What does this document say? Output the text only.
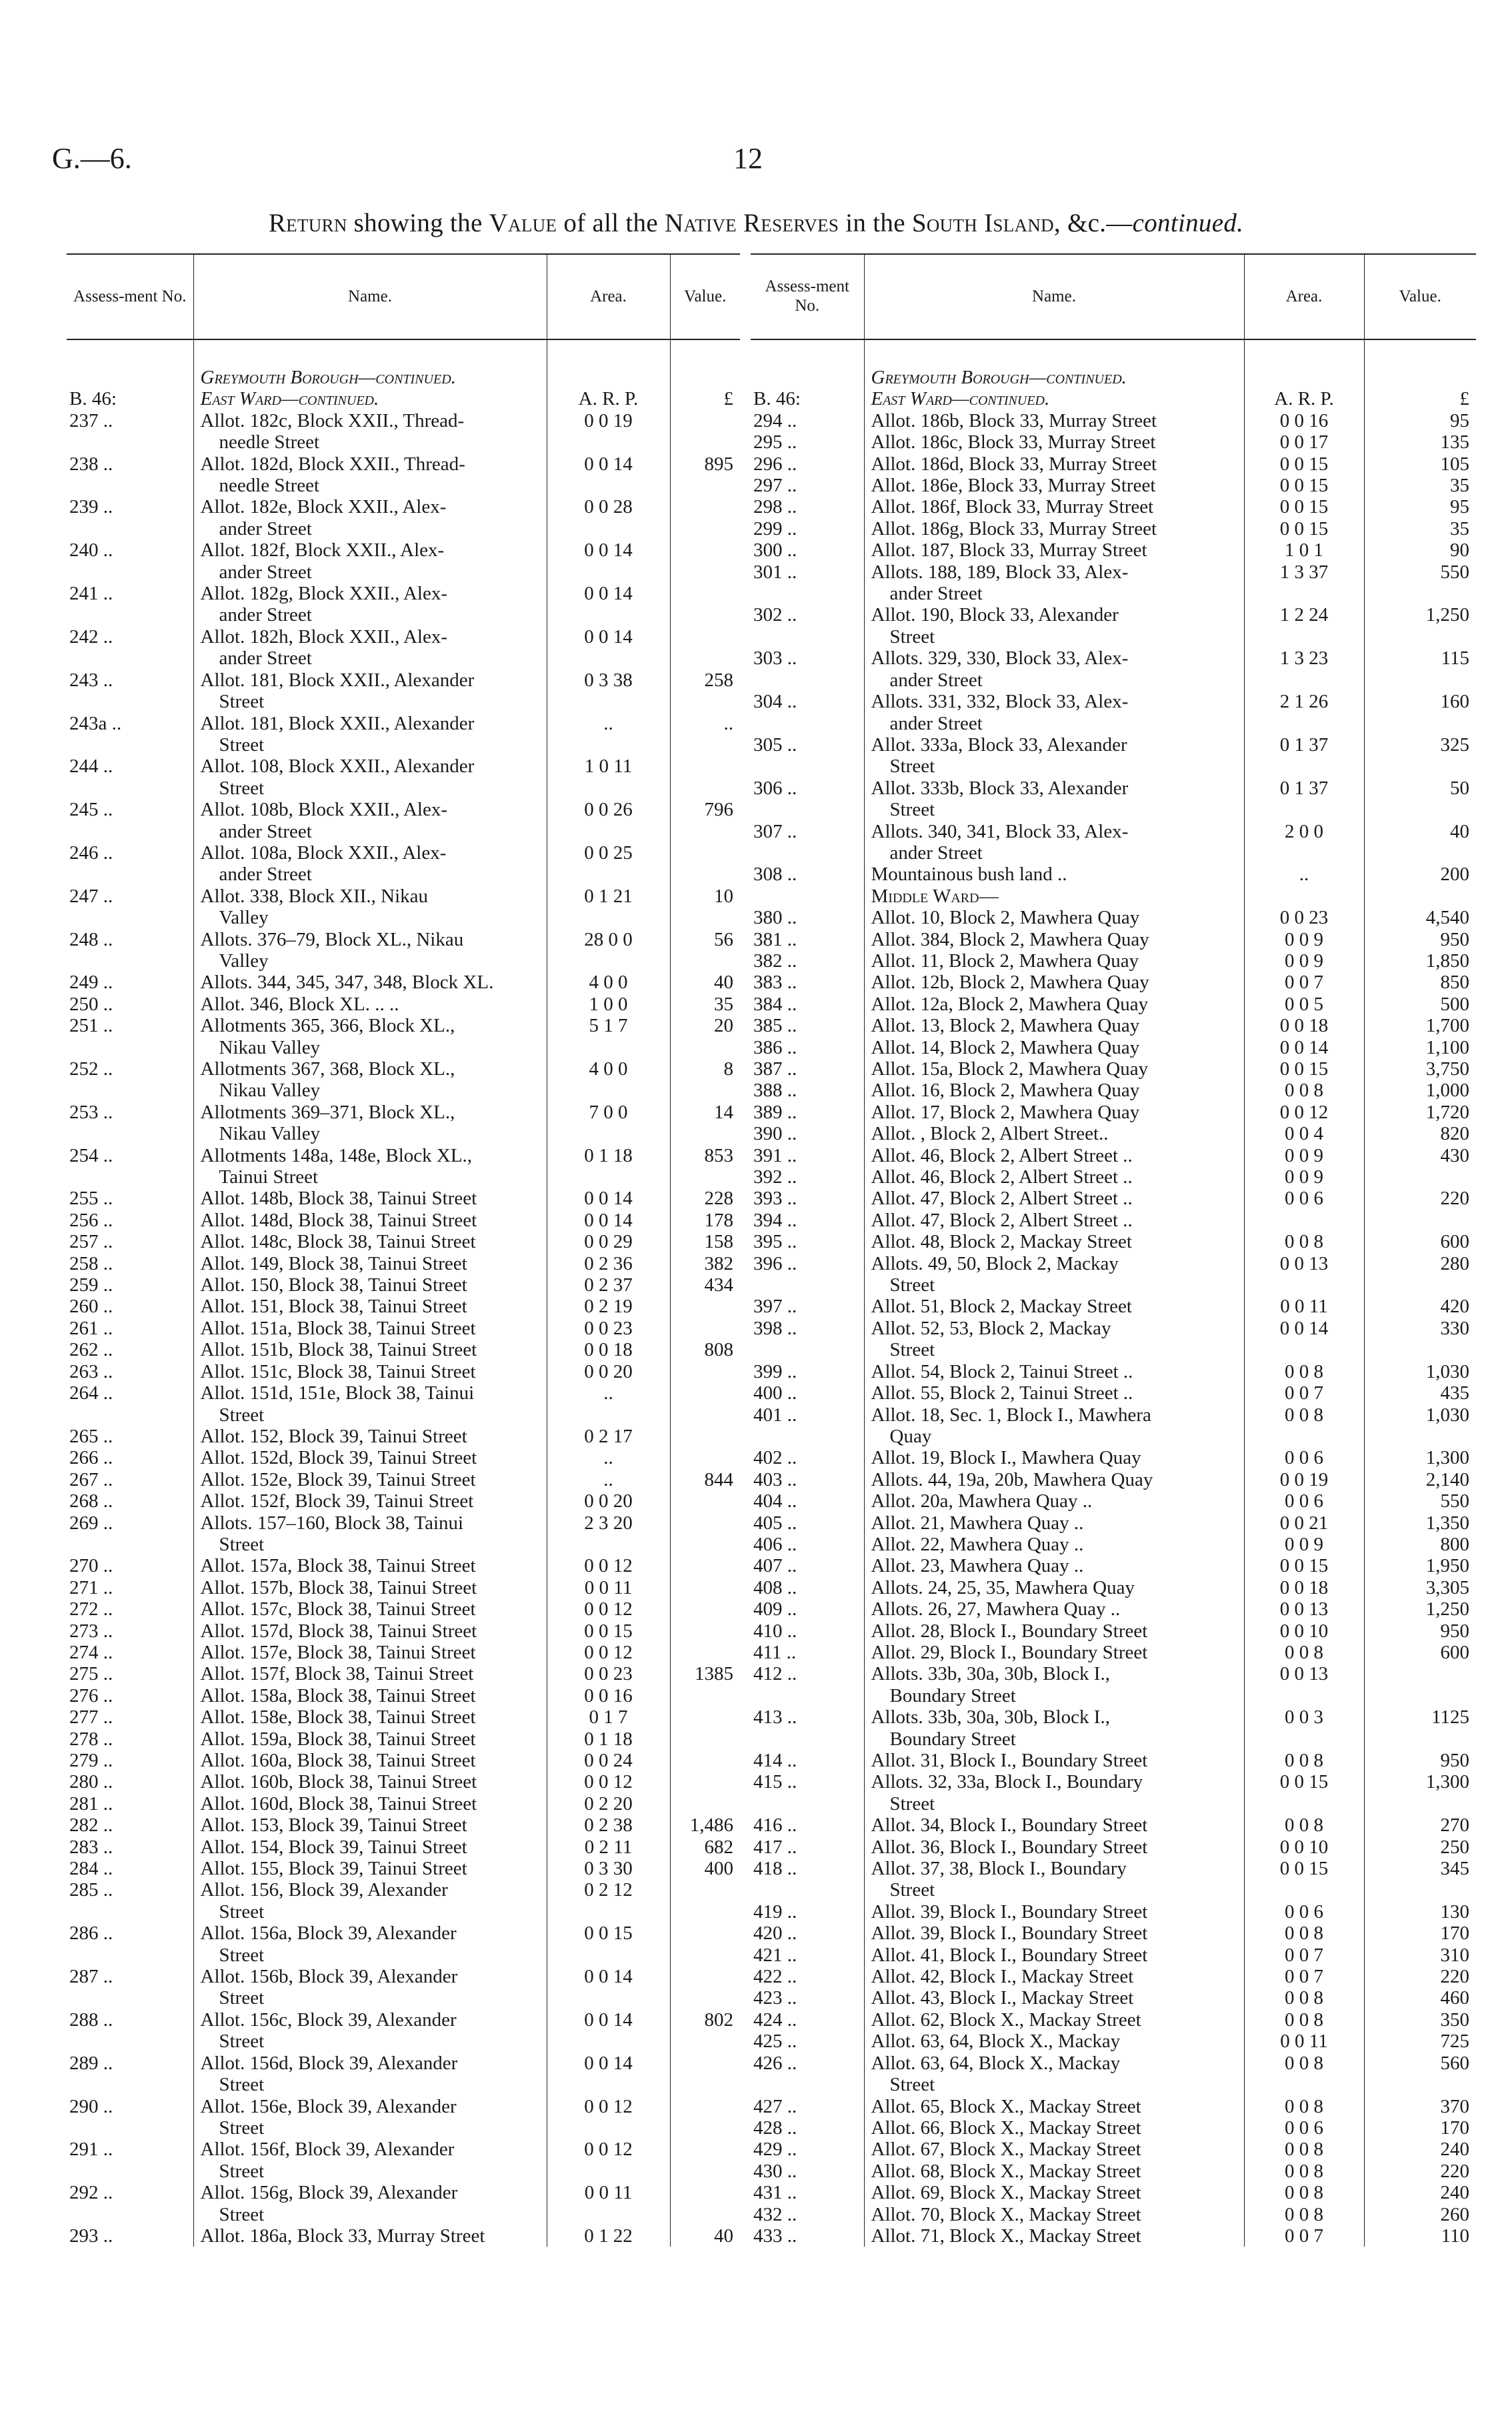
G.—6.	12
Return showing the Value of all the Native Reserves in the South Island, &c.—continued.
Assess-ment No.	Name.	Area.	Value.

	Greymouth Borough—continued.		
B. 46:	East Ward—continued.	A. R. P.	£
237 ..	Allot. 182c, Block XXII., Thread-	0 0 19	
	needle Street		
238 ..	Allot. 182d, Block XXII., Thread-	0 0 14	895
	needle Street		
239 ..	Allot. 182e, Block XXII., Alex-	0 0 28	
	ander Street		
240 ..	Allot. 182f, Block XXII., Alex-	0 0 14	
	ander Street		
241 ..	Allot. 182g, Block XXII., Alex-	0 0 14	
	ander Street		
242 ..	Allot. 182h, Block XXII., Alex-	0 0 14	
	ander Street		
243 ..	Allot. 181, Block XXII., Alexander	0 3 38	258
	Street		
243a ..	Allot. 181, Block XXII., Alexander	..	..
	Street		
244 ..	Allot. 108, Block XXII., Alexander	1 0 11	
	Street		
245 ..	Allot. 108b, Block XXII., Alex-	0 0 26	796
	ander Street		
246 ..	Allot. 108a, Block XXII., Alex-	0 0 25	
	ander Street		
247 ..	Allot. 338, Block XII., Nikau	0 1 21	10
	Valley		
248 ..	Allots. 376–79, Block XL., Nikau	28 0 0	56
	Valley		
249 ..	Allots. 344, 345, 347, 348, Block XL.	4 0 0	40
250 ..	Allot. 346, Block XL. .. ..	1 0 0	35
251 ..	Allotments 365, 366, Block XL.,	5 1 7	20
	Nikau Valley		
252 ..	Allotments 367, 368, Block XL.,	4 0 0	8
	Nikau Valley		
253 ..	Allotments 369–371, Block XL.,	7 0 0	14
	Nikau Valley		
254 ..	Allotments 148a, 148e, Block XL.,	0 1 18	853
	Tainui Street		
255 ..	Allot. 148b, Block 38, Tainui Street	0 0 14	228
256 ..	Allot. 148d, Block 38, Tainui Street	0 0 14	178
257 ..	Allot. 148c, Block 38, Tainui Street	0 0 29	158
258 ..	Allot. 149, Block 38, Tainui Street	0 2 36	382
259 ..	Allot. 150, Block 38, Tainui Street	0 2 37	434
260 ..	Allot. 151, Block 38, Tainui Street	0 2 19	
261 ..	Allot. 151a, Block 38, Tainui Street	0 0 23	
262 ..	Allot. 151b, Block 38, Tainui Street	0 0 18	808
263 ..	Allot. 151c, Block 38, Tainui Street	0 0 20	
264 ..	Allot. 151d, 151e, Block 38, Tainui	..	
	Street		
265 ..	Allot. 152, Block 39, Tainui Street	0 2 17	
266 ..	Allot. 152d, Block 39, Tainui Street	..	
267 ..	Allot. 152e, Block 39, Tainui Street	..	844
268 ..	Allot. 152f, Block 39, Tainui Street	0 0 20	
269 ..	Allots. 157–160, Block 38, Tainui	2 3 20	
	Street		
270 ..	Allot. 157a, Block 38, Tainui Street	0 0 12	
271 ..	Allot. 157b, Block 38, Tainui Street	0 0 11	
272 ..	Allot. 157c, Block 38, Tainui Street	0 0 12	
273 ..	Allot. 157d, Block 38, Tainui Street	0 0 15	
274 ..	Allot. 157e, Block 38, Tainui Street	0 0 12	
275 ..	Allot. 157f, Block 38, Tainui Street	0 0 23	1385
276 ..	Allot. 158a, Block 38, Tainui Street	0 0 16	
277 ..	Allot. 158e, Block 38, Tainui Street	0 1 7	
278 ..	Allot. 159a, Block 38, Tainui Street	0 1 18	
279 ..	Allot. 160a, Block 38, Tainui Street	0 0 24	
280 ..	Allot. 160b, Block 38, Tainui Street	0 0 12	
281 ..	Allot. 160d, Block 38, Tainui Street	0 2 20	
282 ..	Allot. 153, Block 39, Tainui Street	0 2 38	1,486
283 ..	Allot. 154, Block 39, Tainui Street	0 2 11	682
284 ..	Allot. 155, Block 39, Tainui Street	0 3 30	400
285 ..	Allot. 156, Block 39, Alexander	0 2 12	
	Street		
286 ..	Allot. 156a, Block 39, Alexander	0 0 15	
	Street		
287 ..	Allot. 156b, Block 39, Alexander	0 0 14	
	Street		
288 ..	Allot. 156c, Block 39, Alexander	0 0 14	802
	Street		
289 ..	Allot. 156d, Block 39, Alexander	0 0 14	
	Street		
290 ..	Allot. 156e, Block 39, Alexander	0 0 12	
	Street		
291 ..	Allot. 156f, Block 39, Alexander	0 0 12	
	Street		
292 ..	Allot. 156g, Block 39, Alexander	0 0 11	
	Street		
293 ..	Allot. 186a, Block 33, Murray Street	0 1 22	40
Assess-ment No.	Name.	Area.	Value.

	Greymouth Borough—continued.		
B. 46:	East Ward—continued.	A. R. P.	£
294 ..	Allot. 186b, Block 33, Murray Street	0 0 16	95
295 ..	Allot. 186c, Block 33, Murray Street	0 0 17	135
296 ..	Allot. 186d, Block 33, Murray Street	0 0 15	105
297 ..	Allot. 186e, Block 33, Murray Street	0 0 15	35
298 ..	Allot. 186f, Block 33, Murray Street	0 0 15	95
299 ..	Allot. 186g, Block 33, Murray Street	0 0 15	35
300 ..	Allot. 187, Block 33, Murray Street	1 0 1	90
301 ..	Allots. 188, 189, Block 33, Alex-	1 3 37	550
	ander Street		
302 ..	Allot. 190, Block 33, Alexander	1 2 24	1,250
	Street		
303 ..	Allots. 329, 330, Block 33, Alex-	1 3 23	115
	ander Street		
304 ..	Allots. 331, 332, Block 33, Alex-	2 1 26	160
	ander Street		
305 ..	Allot. 333a, Block 33, Alexander	0 1 37	325
	Street		
306 ..	Allot. 333b, Block 33, Alexander	0 1 37	50
	Street		
307 ..	Allots. 340, 341, Block 33, Alex-	2 0 0	40
	ander Street		
308 ..	Mountainous bush land ..	..	200
	Middle Ward—		
380 ..	Allot. 10, Block 2, Mawhera Quay	0 0 23	4,540
381 ..	Allot. 384, Block 2, Mawhera Quay	0 0 9	950
382 ..	Allot. 11, Block 2, Mawhera Quay	0 0 9	1,850
383 ..	Allot. 12b, Block 2, Mawhera Quay	0 0 7	850
384 ..	Allot. 12a, Block 2, Mawhera Quay	0 0 5	500
385 ..	Allot. 13, Block 2, Mawhera Quay	0 0 18	1,700
386 ..	Allot. 14, Block 2, Mawhera Quay	0 0 14	1,100
387 ..	Allot. 15a, Block 2, Mawhera Quay	0 0 15	3,750
388 ..	Allot. 16, Block 2, Mawhera Quay	0 0 8	1,000
389 ..	Allot. 17, Block 2, Mawhera Quay	0 0 12	1,720
390 ..	Allot. , Block 2, Albert Street..	0 0 4	820
391 ..	Allot. 46, Block 2, Albert Street ..	0 0 9	430
392 ..	Allot. 46, Block 2, Albert Street ..	0 0 9	
393 ..	Allot. 47, Block 2, Albert Street ..	0 0 6	220
394 ..	Allot. 47, Block 2, Albert Street ..		
395 ..	Allot. 48, Block 2, Mackay Street	0 0 8	600
396 ..	Allots. 49, 50, Block 2, Mackay	0 0 13	280
	Street		
397 ..	Allot. 51, Block 2, Mackay Street	0 0 11	420
398 ..	Allot. 52, 53, Block 2, Mackay	0 0 14	330
	Street		
399 ..	Allot. 54, Block 2, Tainui Street ..	0 0 8	1,030
400 ..	Allot. 55, Block 2, Tainui Street ..	0 0 7	435
401 ..	Allot. 18, Sec. 1, Block I., Mawhera	0 0 8	1,030
	Quay		
402 ..	Allot. 19, Block I., Mawhera Quay	0 0 6	1,300
403 ..	Allots. 44, 19a, 20b, Mawhera Quay	0 0 19	2,140
404 ..	Allot. 20a, Mawhera Quay ..	0 0 6	550
405 ..	Allot. 21, Mawhera Quay ..	0 0 21	1,350
406 ..	Allot. 22, Mawhera Quay ..	0 0 9	800
407 ..	Allot. 23, Mawhera Quay ..	0 0 15	1,950
408 ..	Allots. 24, 25, 35, Mawhera Quay	0 0 18	3,305
409 ..	Allots. 26, 27, Mawhera Quay ..	0 0 13	1,250
410 ..	Allot. 28, Block I., Boundary Street	0 0 10	950
411 ..	Allot. 29, Block I., Boundary Street	0 0 8	600
412 ..	Allots. 33b, 30a, 30b, Block I.,	0 0 13	
	Boundary Street		
413 ..	Allots. 33b, 30a, 30b, Block I.,	0 0 3	1125
	Boundary Street		
414 ..	Allot. 31, Block I., Boundary Street	0 0 8	950
415 ..	Allots. 32, 33a, Block I., Boundary	0 0 15	1,300
	Street		
416 ..	Allot. 34, Block I., Boundary Street	0 0 8	270
417 ..	Allot. 36, Block I., Boundary Street	0 0 10	250
418 ..	Allot. 37, 38, Block I., Boundary	0 0 15	345
	Street		
419 ..	Allot. 39, Block I., Boundary Street	0 0 6	130
420 ..	Allot. 39, Block I., Boundary Street	0 0 8	170
421 ..	Allot. 41, Block I., Boundary Street	0 0 7	310
422 ..	Allot. 42, Block I., Mackay Street	0 0 7	220
423 ..	Allot. 43, Block I., Mackay Street	0 0 8	460
424 ..	Allot. 62, Block X., Mackay Street	0 0 8	350
425 ..	Allot. 63, 64, Block X., Mackay	0 0 11	725
426 ..	Allot. 63, 64, Block X., Mackay	0 0 8	560
	Street		
427 ..	Allot. 65, Block X., Mackay Street	0 0 8	370
428 ..	Allot. 66, Block X., Mackay Street	0 0 6	170
429 ..	Allot. 67, Block X., Mackay Street	0 0 8	240
430 ..	Allot. 68, Block X., Mackay Street	0 0 8	220
431 ..	Allot. 69, Block X., Mackay Street	0 0 8	240
432 ..	Allot. 70, Block X., Mackay Street	0 0 8	260
433 ..	Allot. 71, Block X., Mackay Street	0 0 7	110
